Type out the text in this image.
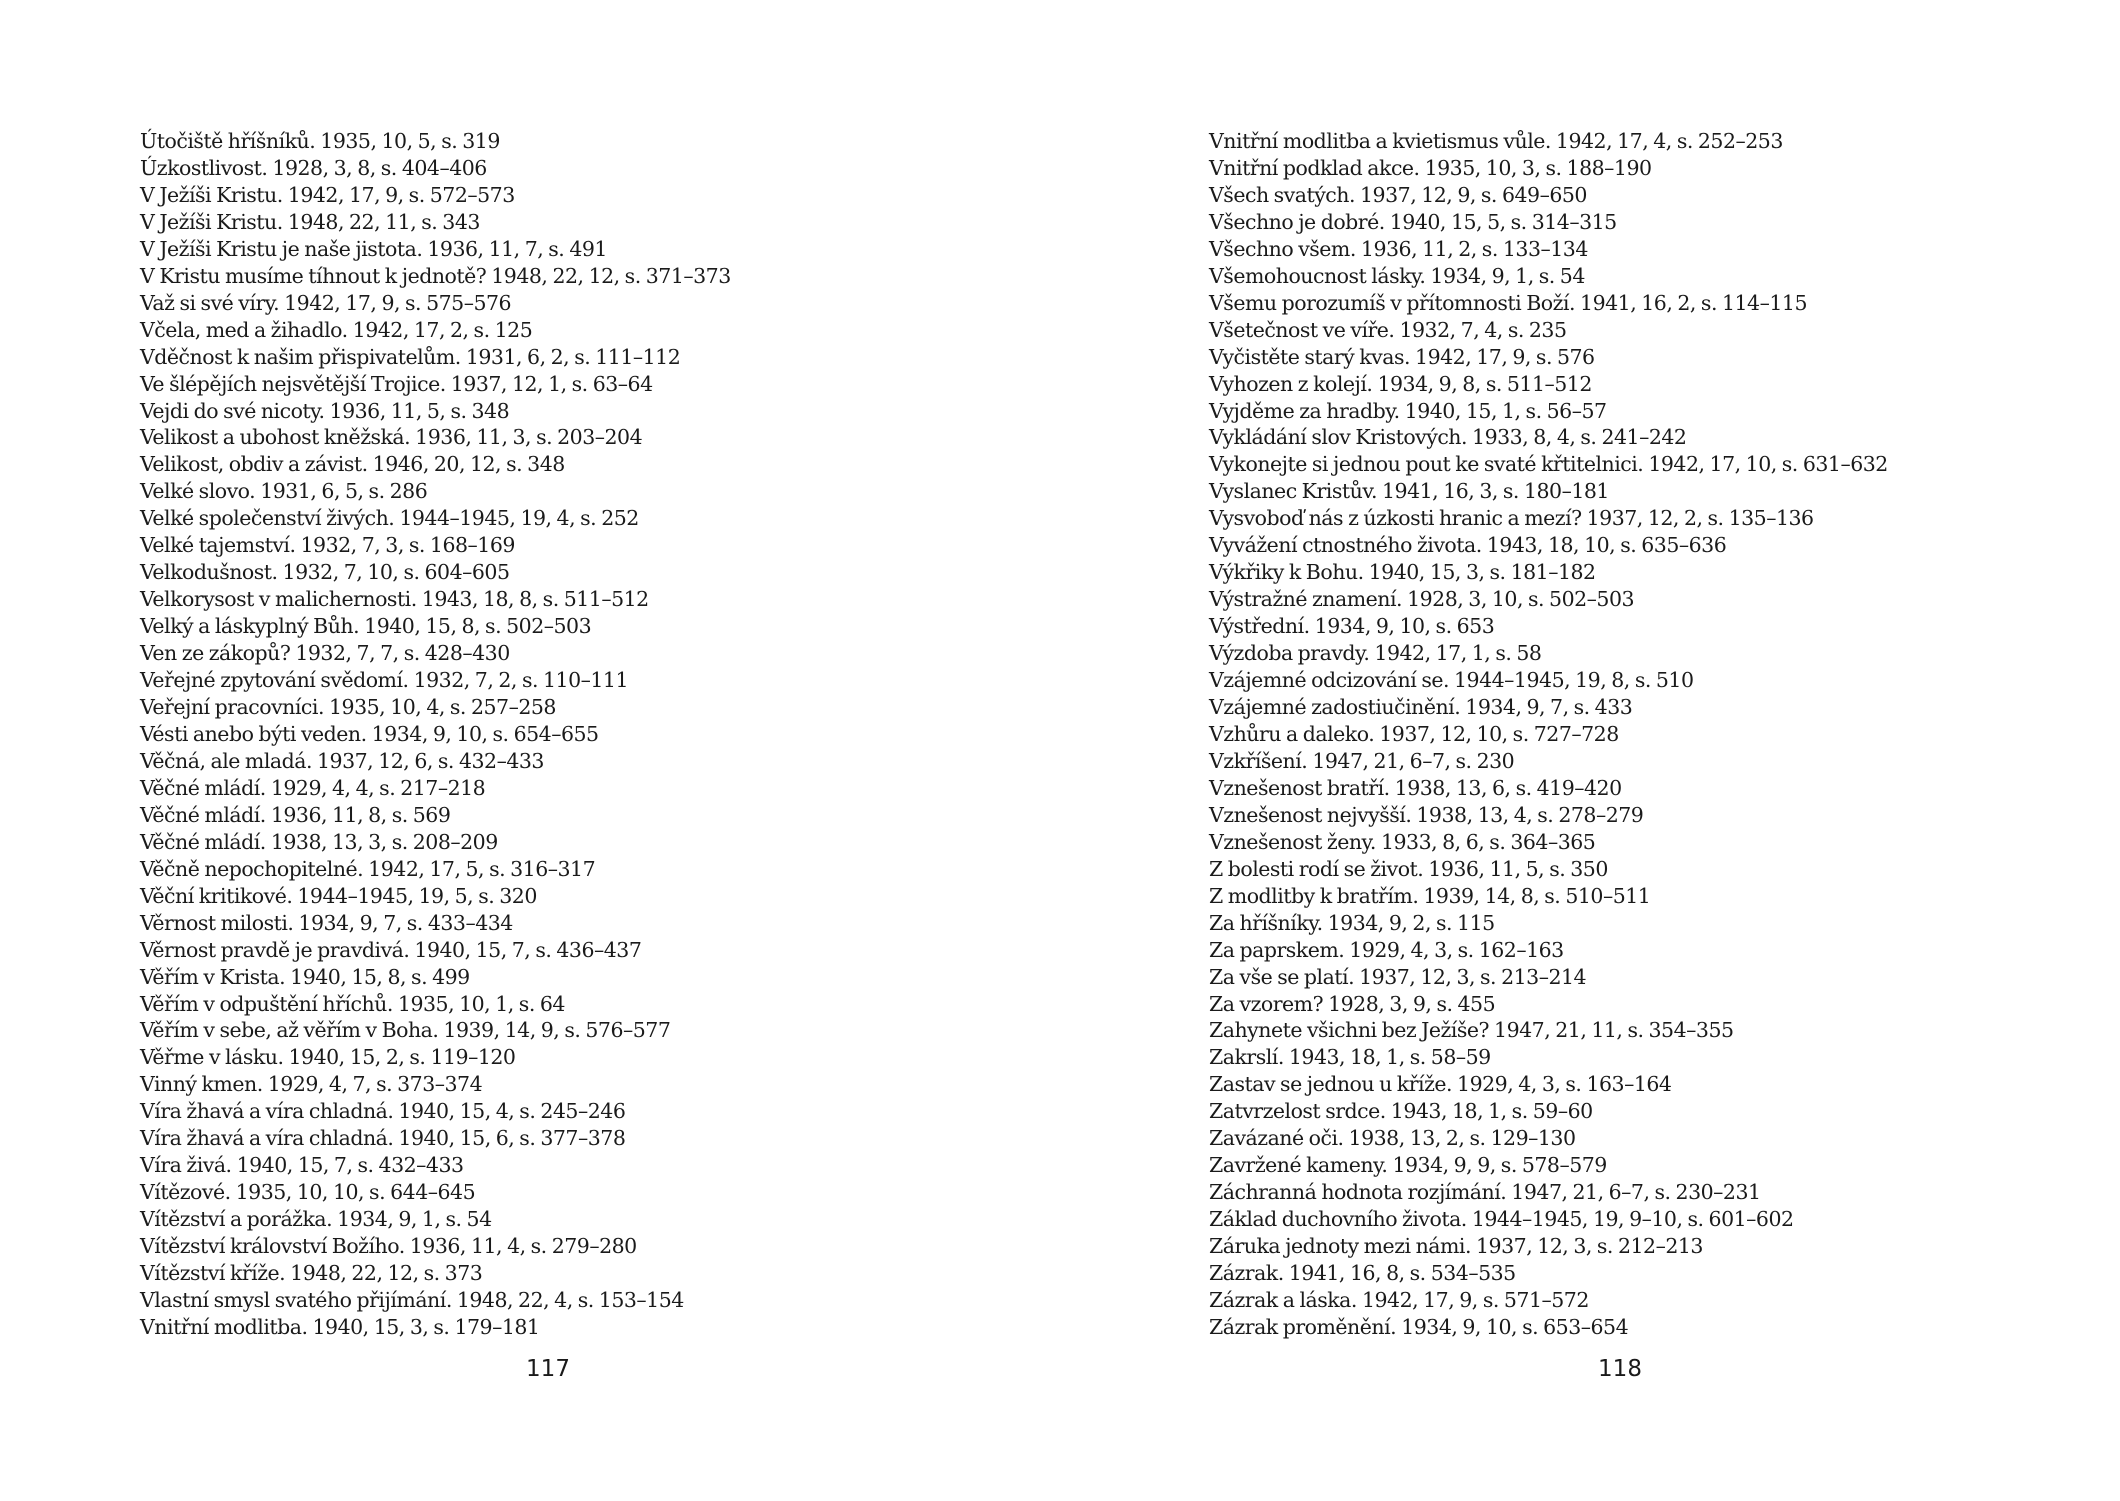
Útočiště hříšníků. 1935, 10, 5, s. 319
Úzkostlivost. 1928, 3, 8, s. 404–406
V Ježíši Kristu. 1942, 17, 9, s. 572–573
V Ježíši Kristu. 1948, 22, 11, s. 343
V Ježíši Kristu je naše jistota. 1936, 11, 7, s. 491
V Kristu musíme tíhnout k jednotě? 1948, 22, 12, s. 371–373
Važ si své víry. 1942, 17, 9, s. 575–576
Včela, med a žihadlo. 1942, 17, 2, s. 125
Vděčnost k našim přispivatelům. 1931, 6, 2, s. 111–112
Ve šlépějích nejsvětější Trojice. 1937, 12, 1, s. 63–64
Vejdi do své nicoty. 1936, 11, 5, s. 348
Velikost a ubohost kněžská. 1936, 11, 3, s. 203–204
Velikost, obdiv a závist. 1946, 20, 12, s. 348
Velké slovo. 1931, 6, 5, s. 286
Velké společenství živých. 1944–1945, 19, 4, s. 252
Velké tajemství. 1932, 7, 3, s. 168–169
Velkodušnost. 1932, 7, 10, s. 604–605
Velkorysost v malichernosti. 1943, 18, 8, s. 511–512
Velký a láskyplný Bůh. 1940, 15, 8, s. 502–503
Ven ze zákopů? 1932, 7, 7, s. 428–430
Veřejné zpytování svědomí. 1932, 7, 2, s. 110–111
Veřejní pracovníci. 1935, 10, 4, s. 257–258
Vésti anebo býti veden. 1934, 9, 10, s. 654–655
Věčná, ale mladá. 1937, 12, 6, s. 432–433
Věčné mládí. 1929, 4, 4, s. 217–218
Věčné mládí. 1936, 11, 8, s. 569
Věčné mládí. 1938, 13, 3, s. 208–209
Věčně nepochopitelné. 1942, 17, 5, s. 316–317
Věční kritikové. 1944–1945, 19, 5, s. 320
Věrnost milosti. 1934, 9, 7, s. 433–434
Věrnost pravdě je pravdivá. 1940, 15, 7, s. 436–437
Věřím v Krista. 1940, 15, 8, s. 499
Věřím v odpuštění hříchů. 1935, 10, 1, s. 64
Věřím v sebe, až věřím v Boha. 1939, 14, 9, s. 576–577
Věřme v lásku. 1940, 15, 2, s. 119–120
Vinný kmen. 1929, 4, 7, s. 373–374
Víra žhavá a víra chladná. 1940, 15, 4, s. 245–246
Víra žhavá a víra chladná. 1940, 15, 6, s. 377–378
Víra živá. 1940, 15, 7, s. 432–433
Vítězové. 1935, 10, 10, s. 644–645
Vítězství a porážka. 1934, 9, 1, s. 54
Vítězství království Božího. 1936, 11, 4, s. 279–280
Vítězství kříže. 1948, 22, 12, s. 373
Vlastní smysl svatého přijímání. 1948, 22, 4, s. 153–154
Vnitřní modlitba. 1940, 15, 3, s. 179–181
117
Vnitřní modlitba a kvietismus vůle. 1942, 17, 4, s. 252–253
Vnitřní podklad akce. 1935, 10, 3, s. 188–190
Všech svatých. 1937, 12, 9, s. 649–650
Všechno je dobré. 1940, 15, 5, s. 314–315
Všechno všem. 1936, 11, 2, s. 133–134
Všemohoucnost lásky. 1934, 9, 1, s. 54
Všemu porozumíš v přítomnosti Boží. 1941, 16, 2, s. 114–115
Všetečnost ve víře. 1932, 7, 4, s. 235
Vyčistěte starý kvas. 1942, 17, 9, s. 576
Vyhozen z kolejí. 1934, 9, 8, s. 511–512
Vyjděme za hradby. 1940, 15, 1, s. 56–57
Vykládání slov Kristových. 1933, 8, 4, s. 241–242
Vykonejte si jednou pout ke svaté křtitelnici. 1942, 17, 10, s. 631–632
Vyslanec Kristův. 1941, 16, 3, s. 180–181
Vysvoboď nás z úzkosti hranic a mezí? 1937, 12, 2, s. 135–136
Vyvážení ctnostného života. 1943, 18, 10, s. 635–636
Výkřiky k Bohu. 1940, 15, 3, s. 181–182
Výstražné znamení. 1928, 3, 10, s. 502–503
Výstřední. 1934, 9, 10, s. 653
Výzdoba pravdy. 1942, 17, 1, s. 58
Vzájemné odcizování se. 1944–1945, 19, 8, s. 510
Vzájemné zadostiučinění. 1934, 9, 7, s. 433
Vzhůru a daleko. 1937, 12, 10, s. 727–728
Vzkříšení. 1947, 21, 6–7, s. 230
Vznešenost bratří. 1938, 13, 6, s. 419–420
Vznešenost nejvyšší. 1938, 13, 4, s. 278–279
Vznešenost ženy. 1933, 8, 6, s. 364–365
Z bolesti rodí se život. 1936, 11, 5, s. 350
Z modlitby k bratřím. 1939, 14, 8, s. 510–511
Za hříšníky. 1934, 9, 2, s. 115
Za paprskem. 1929, 4, 3, s. 162–163
Za vše se platí. 1937, 12, 3, s. 213–214
Za vzorem? 1928, 3, 9, s. 455
Zahynete všichni bez Ježíše? 1947, 21, 11, s. 354–355
Zakrslí. 1943, 18, 1, s. 58–59
Zastav se jednou u kříže. 1929, 4, 3, s. 163–164
Zatvrzelost srdce. 1943, 18, 1, s. 59–60
Zavázané oči. 1938, 13, 2, s. 129–130
Zavržené kameny. 1934, 9, 9, s. 578–579
Záchranná hodnota rozjímání. 1947, 21, 6–7, s. 230–231
Základ duchovního života. 1944–1945, 19, 9–10, s. 601–602
Záruka jednoty mezi námi. 1937, 12, 3, s. 212–213
Zázrak. 1941, 16, 8, s. 534–535
Zázrak a láska. 1942, 17, 9, s. 571–572
Zázrak proměnění. 1934, 9, 10, s. 653–654
118
